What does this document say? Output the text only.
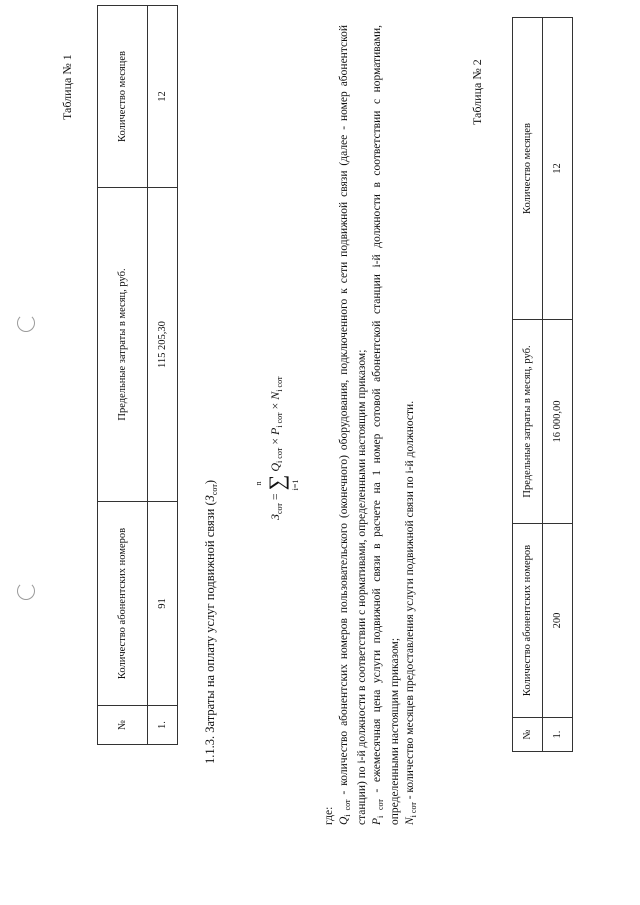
Таблица № 1
№	Количество абонентских номеров	Предельные затраты в месяц, руб.	Количество месяцев
1.	91	115 205,30	12
1.1.3. Затраты на оплату услуг подвижной связи $(З_{сот})$
$З_{сот}$ =
n ∑ i=1
$Q_{i сот} \times P_{i сот} \times N_{i сот}$
где: $Q_{i сот}$ - количество абонентских номеров пользовательского (оконечного) оборудования, подключенного к сети подвижной связи (далее - номер абонентской станции) по i-й должности в соответствии с нормативами, определенными настоящим приказом; $P_{i сот}$ - ежемесячная цена услуги подвижной связи в расчете на 1 номер сотовой абонентской станции i-й должности в соответствии с нормативами, определенными настоящим приказом; $N_{i сот}$ - количество месяцев предоставления услуги подвижной связи по i-й должности.
Таблица № 2
№	Количество абонентских номеров	Предельные затраты в месяц, руб.	Количество месяцев
1.	200	16 000,00	12
